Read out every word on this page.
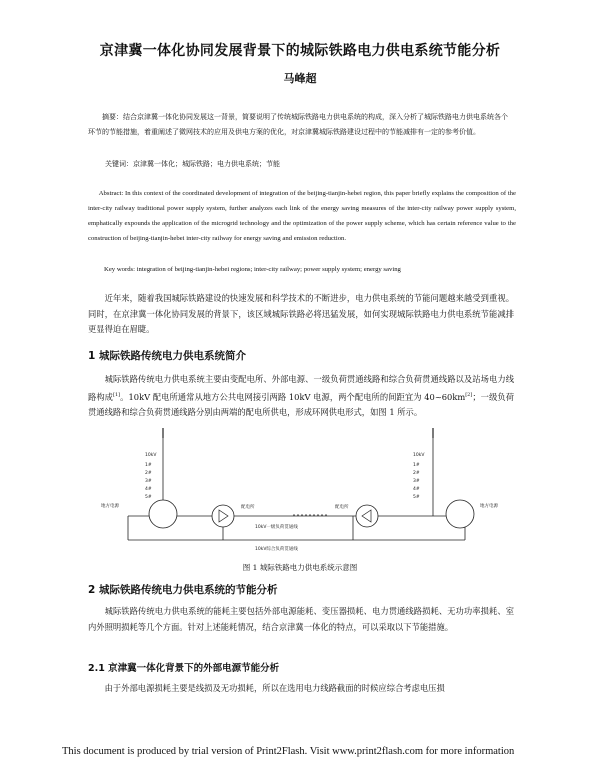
京津冀一体化协同发展背景下的城际铁路电力供电系统节能分析
马峰超
摘要：结合京津冀一体化协同发展这一背景，简要说明了传统城际铁路电力供电系统的构成，深入分析了城际铁路电力供电系统各个环节的节能措施，着重阐述了微网技术的应用及供电方案的优化，对京津冀城际铁路建设过程中的节能减排有一定的参考价值。
关键词：京津冀一体化；城际铁路；电力供电系统；节能
Abstract: In this context of the coordinated development of integration of the beijing-tianjin-hebei region, this paper briefly explains the composition of the inter-city railway traditional power supply system, further analyzes each link of the energy saving measures of the inter-city railway power supply system, emphatically expounds the application of the microgrid technology and the optimization of the power supply scheme, which has certain reference value to the construction of beijing-tianjin-hebei inter-city railway for energy saving and emission reduction.
Key words: integration of beijing-tianjin-hebei regions; inter-city railway; power supply system; energy saving
近年来，随着我国城际铁路建设的快速发展和科学技术的不断进步，电力供电系统的节能问题越来越受到重视。同时，在京津冀一体化协同发展的背景下，该区域城际铁路必将迅猛发展，如何实现城际铁路电力供电系统节能减排更显得迫在眉睫。
1 城际铁路传统电力供电系统简介
城际铁路传统电力供电系统主要由变配电所、外部电源、一级负荷贯通线路和综合负荷贯通线路以及站场电力线路构成[1]。10kV 配电所通常从地方公共电网接引两路 10kV 电源，两个配电所的间距宜为 40~60km[2]；一级负荷贯通线路和综合负荷贯通线路分别由两端的配电所供电，形成环网供电形式，如图 1 所示。
10kV
1#
2#
3#
4#
5#
10kV
1#
2#
3#
4#
5#
地方电源	地方电源
配电所	配电所
10kV一级负荷贯通线
10kV综合负荷贯通线
图 1 城际铁路电力供电系统示意图
2 城际铁路传统电力供电系统的节能分析
城际铁路传统电力供电系统的能耗主要包括外部电源能耗、变压器损耗、电力贯通线路损耗、无功功率损耗、室内外照明损耗等几个方面。针对上述能耗情况，结合京津冀一体化的特点，可以采取以下节能措施。
2.1 京津冀一体化背景下的外部电源节能分析
由于外部电源损耗主要是线损及无功损耗，所以在选用电力线路截面的时候应综合考虑电压损
This document is produced by trial version of Print2Flash. Visit www.print2flash.com for more information
